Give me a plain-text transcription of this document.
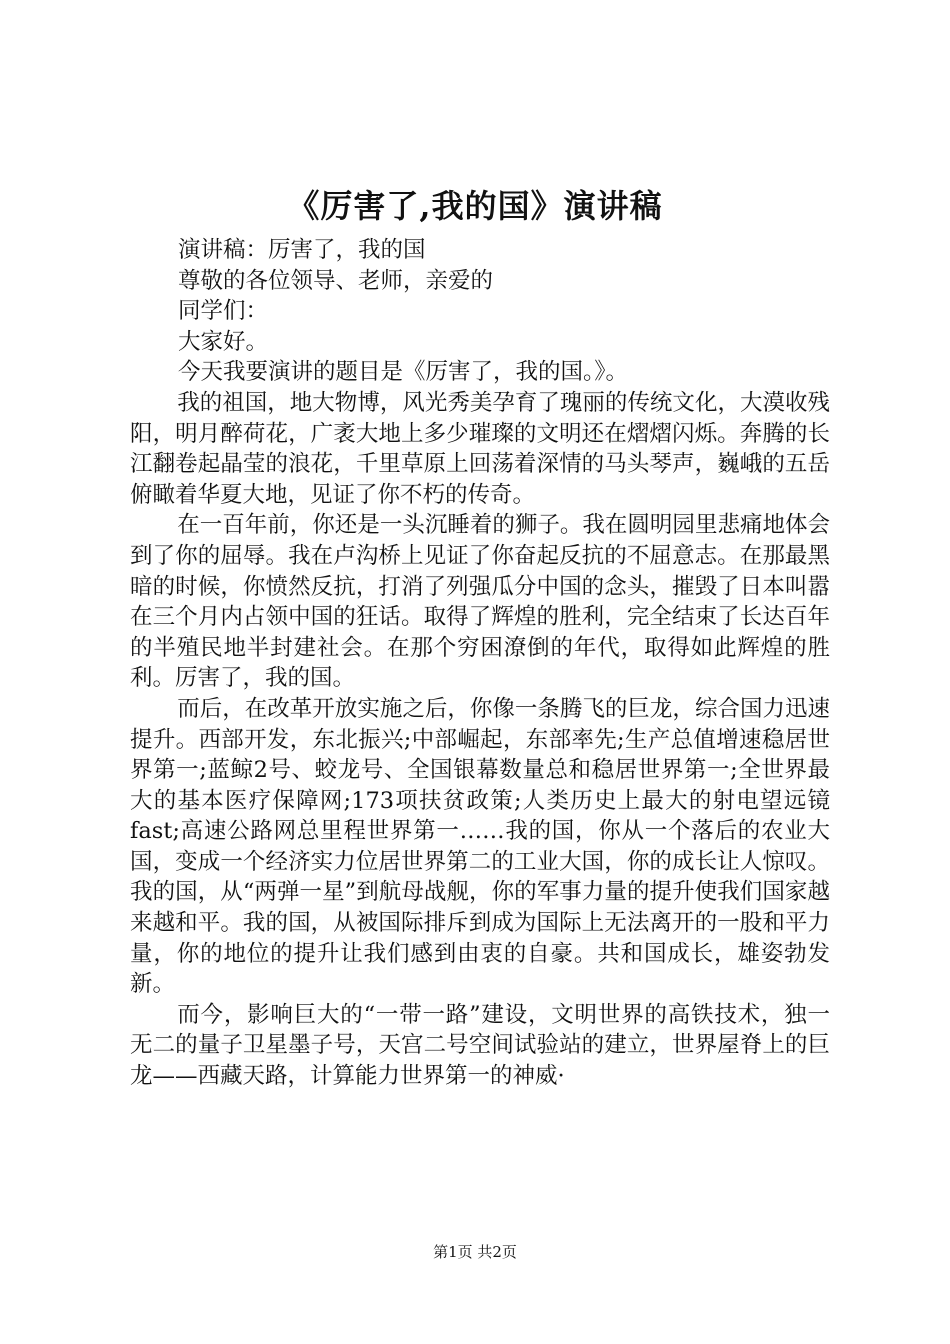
《厉害了,我的国》演讲稿

演讲稿：厉害了，我的国

尊敬的各位领导、老师，亲爱的

同学们：

大家好。

今天我要演讲的题目是《厉害了，我的国。》。

我的祖国，地大物博，风光秀美孕育了瑰丽的传统文化，大漠收残阳，明月醉荷花，广袤大地上多少璀璨的文明还在熠熠闪烁。奔腾的长江翻卷起晶莹的浪花，千里草原上回荡着深情的马头琴声，巍峨的五岳俯瞰着华夏大地，见证了你不朽的传奇。

在一百年前，你还是一头沉睡着的狮子。我在圆明园里悲痛地体会到了你的屈辱。我在卢沟桥上见证了你奋起反抗的不屈意志。在那最黑暗的时候，你愤然反抗，打消了列强瓜分中国的念头，摧毁了日本叫嚣在三个月内占领中国的狂话。取得了辉煌的胜利，完全结束了长达百年的半殖民地半封建社会。在那个穷困潦倒的年代，取得如此辉煌的胜利。厉害了，我的国。

而后，在改革开放实施之后，你像一条腾飞的巨龙，综合国力迅速提升。西部开发，东北振兴;中部崛起，东部率先;生产总值增速稳居世界第一;蓝鲸2号、蛟龙号、全国银幕数量总和稳居世界第一;全世界最大的基本医疗保障网;173项扶贫政策;人类历史上最大的射电望远镜fast;高速公路网总里程世界第一……我的国，你从一个落后的农业大国，变成一个经济实力位居世界第二的工业大国，你的成长让人惊叹。我的国，从“两弹一星”到航母战舰，你的军事力量的提升使我们国家越来越和平。我的国，从被国际排斥到成为国际上无法离开的一股和平力量，你的地位的提升让我们感到由衷的自豪。共和国成长，雄姿勃发新。

而今，影响巨大的“一带一路”建设，文明世界的高铁技术，独一无二的量子卫星墨子号，天宫二号空间试验站的建立，世界屋脊上的巨龙——西藏天路，计算能力世界第一的神威·

第1页 共2页
